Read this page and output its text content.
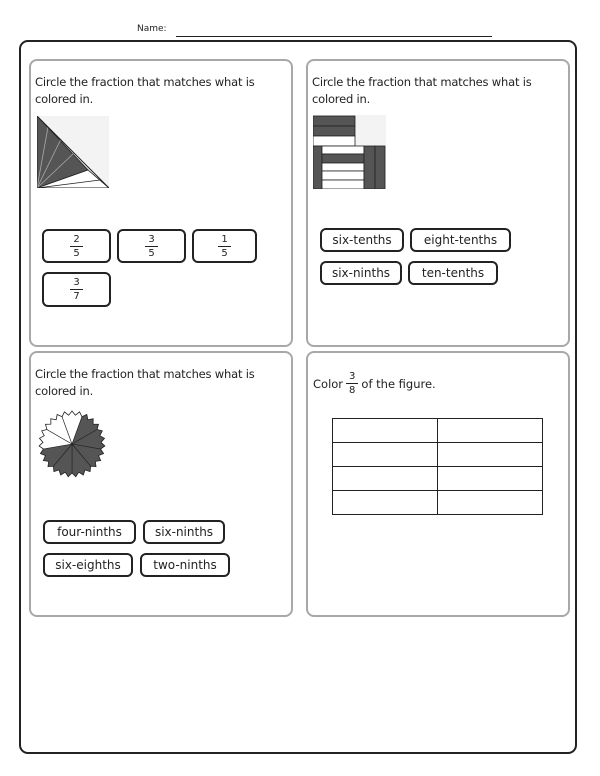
Name:
Circle the fraction that matches what is colored in.
$\frac{2}{5}$	$\frac{3}{5}$	$\frac{1}{5}$
$\frac{3}{7}$
Circle the fraction that matches what is colored in.
six-tenths	eight-tenths
six-ninths	ten-tenths
Circle the fraction that matches what is colored in.
four-ninths	six-ninths
six-eighths	two-ninths
Color $\frac{3}{8}$ of the figure.
